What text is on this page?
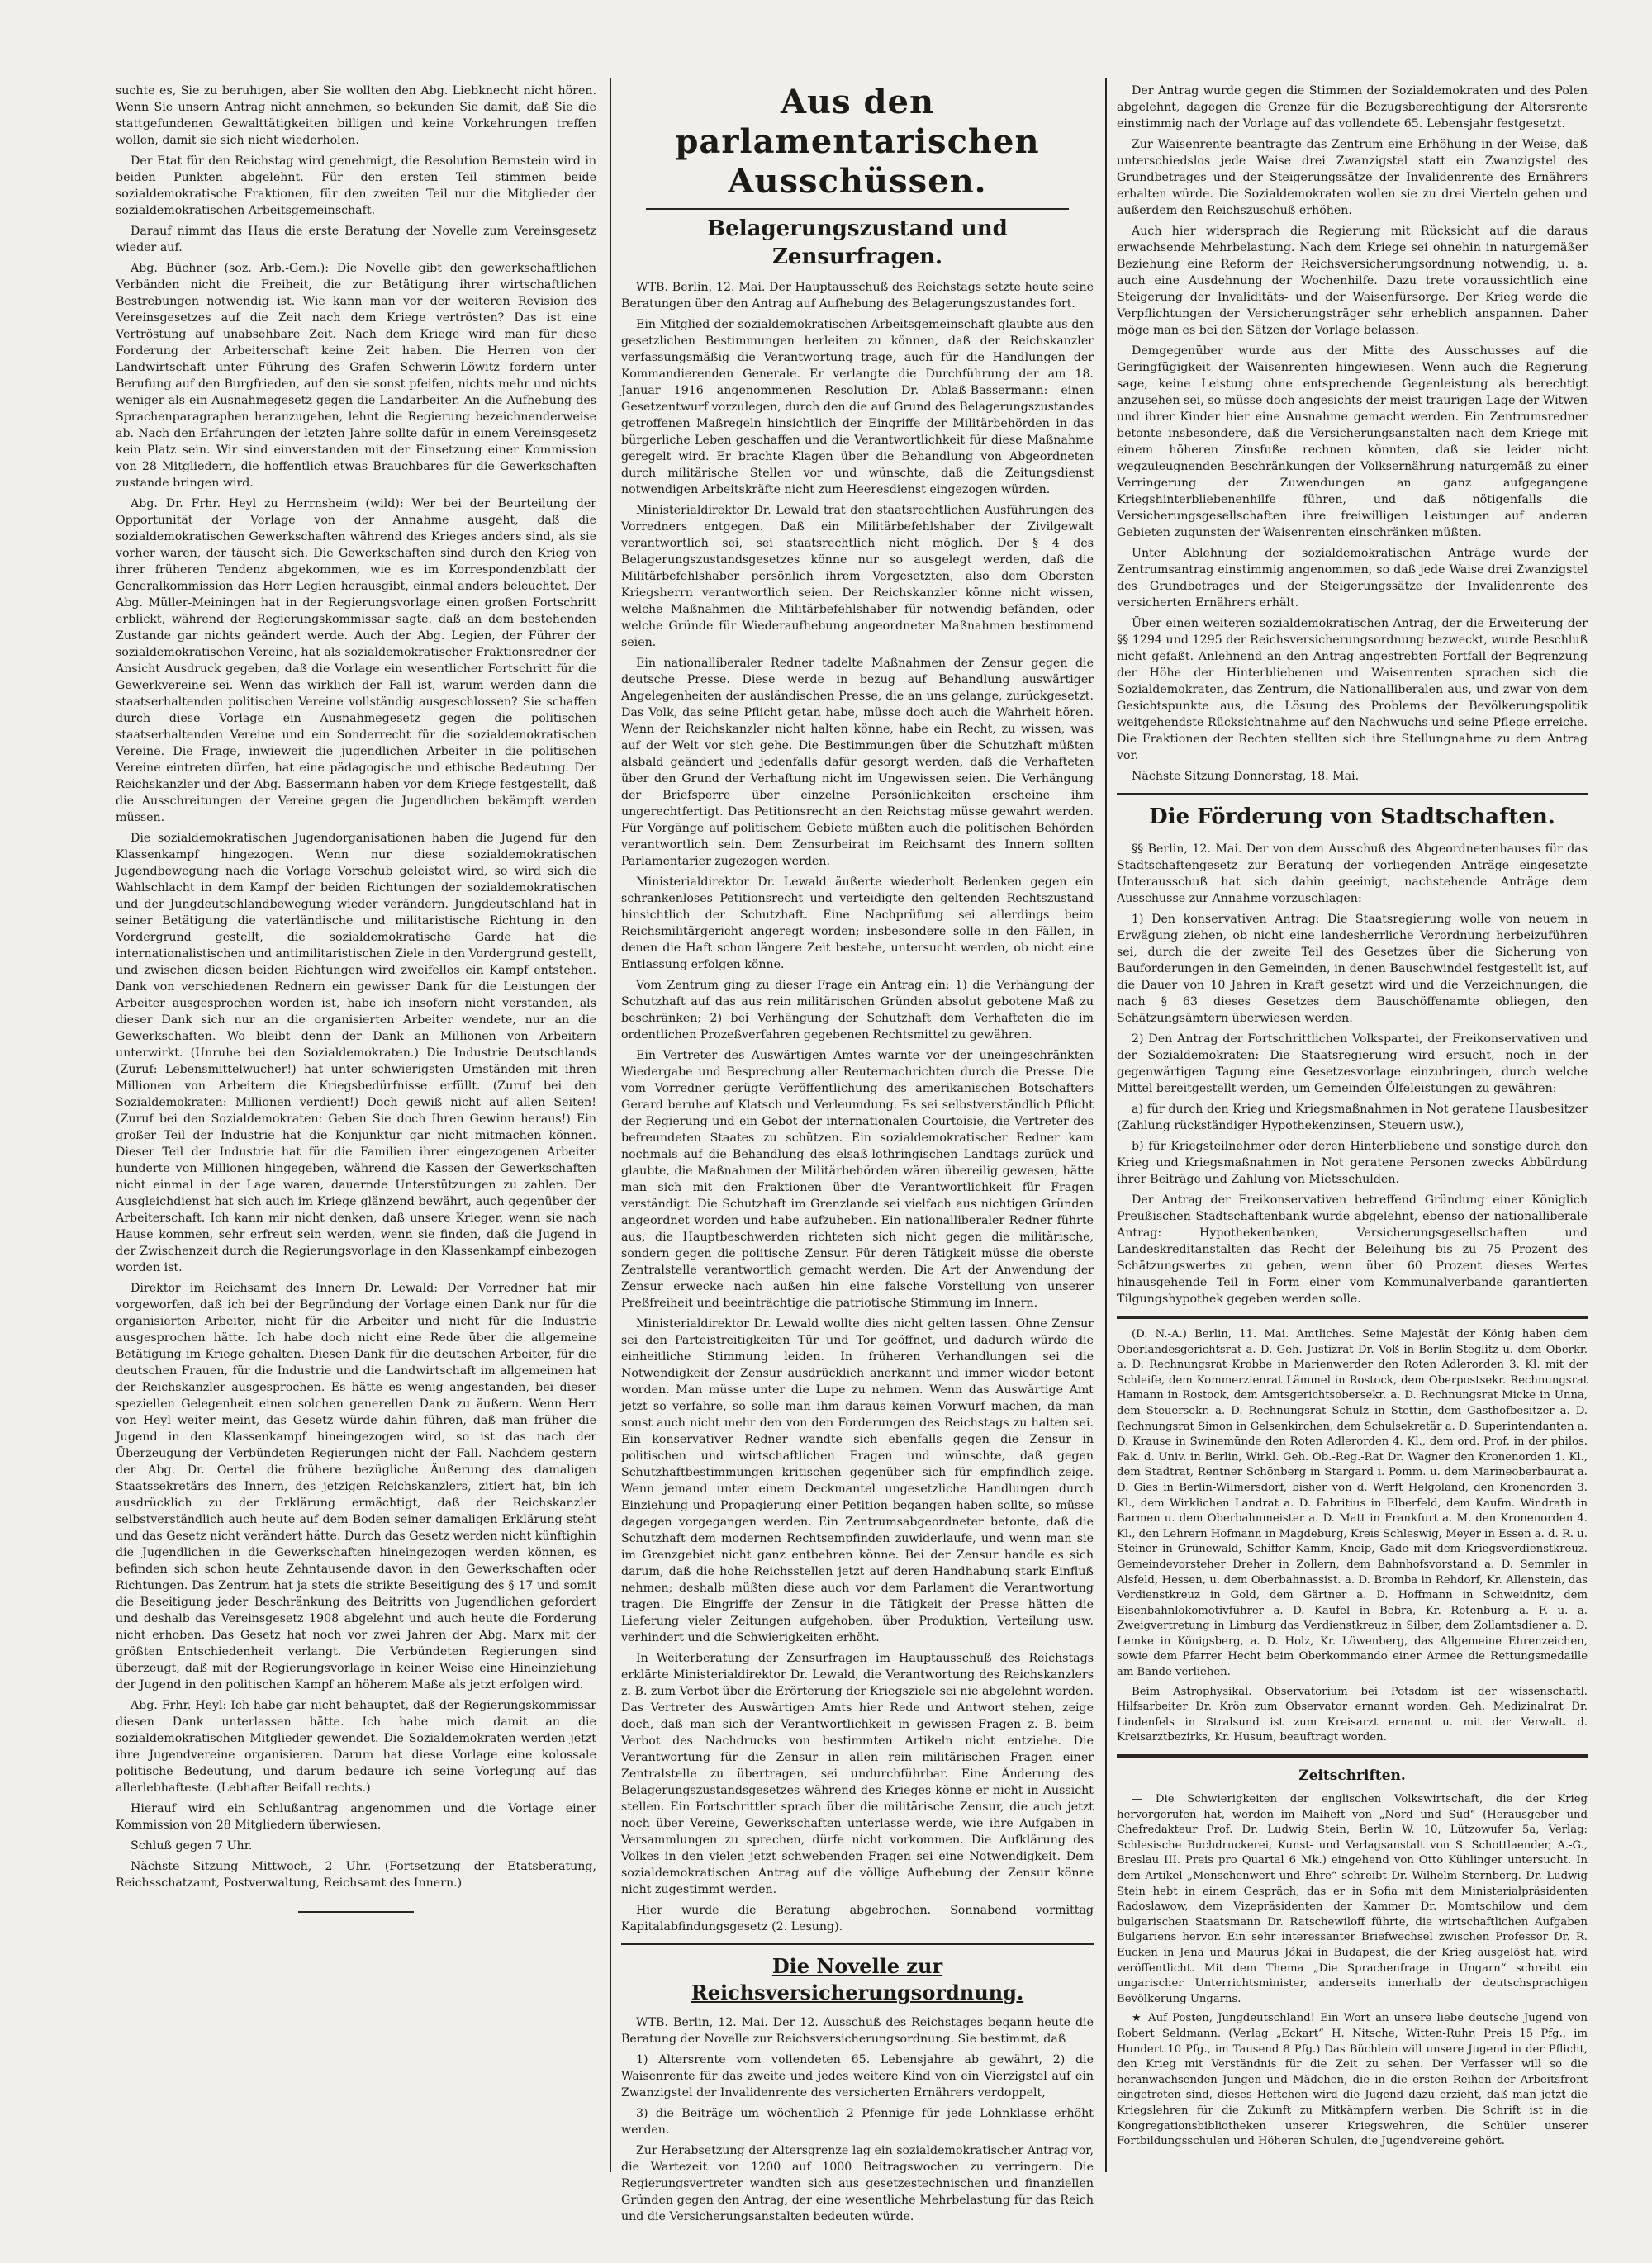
suchte es, Sie zu beruhigen, aber Sie wollten den Abg. Liebknecht nicht hören. Wenn Sie unsern Antrag nicht annehmen, so bekunden Sie damit, daß Sie die stattgefundenen Gewalttätigkeiten billigen und keine Vorkehrungen treffen wollen, damit sie sich nicht wiederholen.

Der Etat für den Reichstag wird genehmigt, die Resolution Bernstein wird in beiden Punkten abgelehnt. Für den ersten Teil stimmen beide sozialdemokratische Fraktionen, für den zweiten Teil nur die Mitglieder der sozialdemokratischen Arbeitsgemeinschaft.

Darauf nimmt das Haus die erste Beratung der Novelle zum Vereinsgesetz wieder auf.

Abg. Büchner (soz. Arb.-Gem.): Die Novelle gibt den gewerkschaftlichen Verbänden nicht die Freiheit, die zur Betätigung ihrer wirtschaftlichen Bestrebungen notwendig ist. Wie kann man vor der weiteren Revision des Vereinsgesetzes auf die Zeit nach dem Kriege vertrösten? Das ist eine Vertröstung auf unabsehbare Zeit. Nach dem Kriege wird man für diese Forderung der Arbeiterschaft keine Zeit haben. Die Herren von der Landwirtschaft unter Führung des Grafen Schwerin-Löwitz fordern unter Berufung auf den Burgfrieden, auf den sie sonst pfeifen, nichts mehr und nichts weniger als ein Ausnahmegesetz gegen die Landarbeiter. An die Aufhebung des Sprachenparagraphen heranzugehen, lehnt die Regierung bezeichnenderweise ab. Nach den Erfahrungen der letzten Jahre sollte dafür in einem Vereinsgesetz kein Platz sein. Wir sind einverstanden mit der Einsetzung einer Kommission von 28 Mitgliedern, die hoffentlich etwas Brauchbares für die Gewerkschaften zustande bringen wird.

Abg. Dr. Frhr. Heyl zu Herrnsheim (wild): Wer bei der Beurteilung der Opportunität der Vorlage von der Annahme ausgeht, daß die sozialdemokratischen Gewerkschaften während des Krieges anders sind, als sie vorher waren, der täuscht sich. Die Gewerkschaften sind durch den Krieg von ihrer früheren Tendenz abgekommen, wie es im Korrespondenzblatt der Generalkommission das Herr Legien herausgibt, einmal anders beleuchtet. Der Abg. Müller-Meiningen hat in der Regierungsvorlage einen großen Fortschritt erblickt, während der Regierungskommissar sagte, daß an dem bestehenden Zustande gar nichts geändert werde. Auch der Abg. Legien, der Führer der sozialdemokratischen Vereine, hat als sozialdemokratischer Fraktionsredner der Ansicht Ausdruck gegeben, daß die Vorlage ein wesentlicher Fortschritt für die Gewerkvereine sei. Wenn das wirklich der Fall ist, warum werden dann die staatserhaltenden politischen Vereine vollständig ausgeschlossen? Sie schaffen durch diese Vorlage ein Ausnahmegesetz gegen die politischen staatserhaltenden Vereine und ein Sonderrecht für die sozialdemokratischen Vereine. Die Frage, inwieweit die jugendlichen Arbeiter in die politischen Vereine eintreten dürfen, hat eine pädagogische und ethische Bedeutung. Der Reichskanzler und der Abg. Bassermann haben vor dem Kriege festgestellt, daß die Ausschreitungen der Vereine gegen die Jugendlichen bekämpft werden müssen.

Die sozialdemokratischen Jugendorganisationen haben die Jugend für den Klassenkampf hingezogen. Wenn nur diese sozialdemokratischen Jugendbewegung nach die Vorlage Vorschub geleistet wird, so wird sich die Wahlschlacht in dem Kampf der beiden Richtungen der sozialdemokratischen und der Jungdeutschlandbewegung wieder verändern. Jungdeutschland hat in seiner Betätigung die vaterländische und militaristische Richtung in den Vordergrund gestellt, die sozialdemokratische Garde hat die internationalistischen und antimilitaristischen Ziele in den Vordergrund gestellt, und zwischen diesen beiden Richtungen wird zweifellos ein Kampf entstehen. Dank von verschiedenen Rednern ein gewisser Dank für die Leistungen der Arbeiter ausgesprochen worden ist, habe ich insofern nicht verstanden, als dieser Dank sich nur an die organisierten Arbeiter wendete, nur an die Gewerkschaften. Wo bleibt denn der Dank an Millionen von Arbeitern unterwirkt. (Unruhe bei den Sozialdemokraten.) Die Industrie Deutschlands (Zuruf: Lebensmittelwucher!) hat unter schwierigsten Umständen mit ihren Millionen von Arbeitern die Kriegsbedürfnisse erfüllt. (Zuruf bei den Sozialdemokraten: Millionen verdient!) Doch gewiß nicht auf allen Seiten! (Zuruf bei den Sozialdemokraten: Geben Sie doch Ihren Gewinn heraus!) Ein großer Teil der Industrie hat die Konjunktur gar nicht mitmachen können. Dieser Teil der Industrie hat für die Familien ihrer eingezogenen Arbeiter hunderte von Millionen hingegeben, während die Kassen der Gewerkschaften nicht einmal in der Lage waren, dauernde Unterstützungen zu zahlen. Der Ausgleichdienst hat sich auch im Kriege glänzend bewährt, auch gegenüber der Arbeiterschaft. Ich kann mir nicht denken, daß unsere Krieger, wenn sie nach Hause kommen, sehr erfreut sein werden, wenn sie finden, daß die Jugend in der Zwischenzeit durch die Regierungsvorlage in den Klassenkampf einbezogen worden ist.

Direktor im Reichsamt des Innern Dr. Lewald: Der Vorredner hat mir vorgeworfen, daß ich bei der Begründung der Vorlage einen Dank nur für die organisierten Arbeiter, nicht für die Arbeiter und nicht für die Industrie ausgesprochen hätte. Ich habe doch nicht eine Rede über die allgemeine Betätigung im Kriege gehalten. Diesen Dank für die deutschen Arbeiter, für die deutschen Frauen, für die Industrie und die Landwirtschaft im allgemeinen hat der Reichskanzler ausgesprochen. Es hätte es wenig angestanden, bei dieser speziellen Gelegenheit einen solchen generellen Dank zu äußern. Wenn Herr von Heyl weiter meint, das Gesetz würde dahin führen, daß man früher die Jugend in den Klassenkampf hineingezogen wird, so ist das nach der Überzeugung der Verbündeten Regierungen nicht der Fall. Nachdem gestern der Abg. Dr. Oertel die frühere bezügliche Äußerung des damaligen Staatssekretärs des Innern, des jetzigen Reichskanzlers, zitiert hat, bin ich ausdrücklich zu der Erklärung ermächtigt, daß der Reichskanzler selbstverständlich auch heute auf dem Boden seiner damaligen Erklärung steht und das Gesetz nicht verändert hätte. Durch das Gesetz werden nicht künftighin die Jugendlichen in die Gewerkschaften hineingezogen werden können, es befinden sich schon heute Zehntausende davon in den Gewerkschaften oder Richtungen. Das Zentrum hat ja stets die strikte Beseitigung des § 17 und somit die Beseitigung jeder Beschränkung des Beitritts von Jugendlichen gefordert und deshalb das Vereinsgesetz 1908 abgelehnt und auch heute die Forderung nicht erhoben. Das Gesetz hat noch vor zwei Jahren der Abg. Marx mit der größten Entschiedenheit verlangt. Die Verbündeten Regierungen sind überzeugt, daß mit der Regierungsvorlage in keiner Weise eine Hineinziehung der Jugend in den politischen Kampf an höherem Maße als jetzt erfolgen wird.

Abg. Frhr. Heyl: Ich habe gar nicht behauptet, daß der Regierungskommissar diesen Dank unterlassen hätte. Ich habe mich damit an die sozialdemokratischen Mitglieder gewendet. Die Sozialdemokraten werden jetzt ihre Jugendvereine organisieren. Darum hat diese Vorlage eine kolossale politische Bedeutung, und darum bedaure ich seine Vorlegung auf das allerlebhafteste. (Lebhafter Beifall rechts.)

Hierauf wird ein Schlußantrag angenommen und die Vorlage einer Kommission von 28 Mitgliedern überwiesen.

Schluß gegen 7 Uhr.

Nächste Sitzung Mittwoch, 2 Uhr. (Fortsetzung der Etatsberatung, Reichsschatzamt, Postverwaltung, Reichsamt des Innern.)

Aus den parlamentarischen Ausschüssen.
Belagerungszustand und Zensurfragen.

WTB. Berlin, 12. Mai. Der Hauptausschuß des Reichstags setzte heute seine Beratungen über den Antrag auf Aufhebung des Belagerungszustandes fort.

Ein Mitglied der sozialdemokratischen Arbeitsgemeinschaft glaubte aus den gesetzlichen Bestimmungen herleiten zu können, daß der Reichskanzler verfassungsmäßig die Verantwortung trage, auch für die Handlungen der Kommandierenden Generale. Er verlangte die Durchführung der am 18. Januar 1916 angenommenen Resolution Dr. Ablaß-Bassermann: einen Gesetzentwurf vorzulegen, durch den die auf Grund des Belagerungszustandes getroffenen Maßregeln hinsichtlich der Eingriffe der Militärbehörden in das bürgerliche Leben geschaffen und die Verantwortlichkeit für diese Maßnahme geregelt wird. Er brachte Klagen über die Behandlung von Abgeordneten durch militärische Stellen vor und wünschte, daß die Zeitungsdienst notwendigen Arbeitskräfte nicht zum Heeresdienst eingezogen würden.

Ministerialdirektor Dr. Lewald trat den staatsrechtlichen Ausführungen des Vorredners entgegen. Daß ein Militärbefehlshaber der Zivilgewalt verantwortlich sei, sei staatsrechtlich nicht möglich. Der § 4 des Belagerungszustandsgesetzes könne nur so ausgelegt werden, daß die Militärbefehlshaber persönlich ihrem Vorgesetzten, also dem Obersten Kriegsherrn verantwortlich seien. Der Reichskanzler könne nicht wissen, welche Maßnahmen die Militärbefehlshaber für notwendig befänden, oder welche Gründe für Wiederaufhebung angeordneter Maßnahmen bestimmend seien.

Ein nationalliberaler Redner tadelte Maßnahmen der Zensur gegen die deutsche Presse. Diese werde in bezug auf Behandlung auswärtiger Angelegenheiten der ausländischen Presse, die an uns gelange, zurückgesetzt. Das Volk, das seine Pflicht getan habe, müsse doch auch die Wahrheit hören. Wenn der Reichskanzler nicht halten könne, habe ein Recht, zu wissen, was auf der Welt vor sich gehe. Die Bestimmungen über die Schutzhaft müßten alsbald geändert und jedenfalls dafür gesorgt werden, daß die Verhafteten über den Grund der Verhaftung nicht im Ungewissen seien. Die Verhängung der Briefsperre über einzelne Persönlichkeiten erscheine ihm ungerechtfertigt. Das Petitionsrecht an den Reichstag müsse gewahrt werden. Für Vorgänge auf politischem Gebiete müßten auch die politischen Behörden verantwortlich sein. Dem Zensurbeirat im Reichsamt des Innern sollten Parlamentarier zugezogen werden.

Ministerialdirektor Dr. Lewald äußerte wiederholt Bedenken gegen ein schrankenloses Petitionsrecht und verteidigte den geltenden Rechtszustand hinsichtlich der Schutzhaft. Eine Nachprüfung sei allerdings beim Reichsmilitärgericht angeregt worden; insbesondere solle in den Fällen, in denen die Haft schon längere Zeit bestehe, untersucht werden, ob nicht eine Entlassung erfolgen könne.

Vom Zentrum ging zu dieser Frage ein Antrag ein: 1) die Verhängung der Schutzhaft auf das aus rein militärischen Gründen absolut gebotene Maß zu beschränken; 2) bei Verhängung der Schutzhaft dem Verhafteten die im ordentlichen Prozeßverfahren gegebenen Rechtsmittel zu gewähren.

Ein Vertreter des Auswärtigen Amtes warnte vor der uneingeschränkten Wiedergabe und Besprechung aller Reuternachrichten durch die Presse. Die vom Vorredner gerügte Veröffentlichung des amerikanischen Botschafters Gerard beruhe auf Klatsch und Verleumdung. Es sei selbstverständlich Pflicht der Regierung und ein Gebot der internationalen Courtoisie, die Vertreter des befreundeten Staates zu schützen. Ein sozialdemokratischer Redner kam nochmals auf die Behandlung des elsaß-lothringischen Landtags zurück und glaubte, die Maßnahmen der Militärbehörden wären übereilig gewesen, hätte man sich mit den Fraktionen über die Verantwortlichkeit für Fragen verständigt. Die Schutzhaft im Grenzlande sei vielfach aus nichtigen Gründen angeordnet worden und habe aufzuheben. Ein nationalliberaler Redner führte aus, die Hauptbeschwerden richteten sich nicht gegen die militärische, sondern gegen die politische Zensur. Für deren Tätigkeit müsse die oberste Zentralstelle verantwortlich gemacht werden. Die Art der Anwendung der Zensur erwecke nach außen hin eine falsche Vorstellung von unserer Preßfreiheit und beeinträchtige die patriotische Stimmung im Innern.

Ministerialdirektor Dr. Lewald wollte dies nicht gelten lassen. Ohne Zensur sei den Parteistreitigkeiten Tür und Tor geöffnet, und dadurch würde die einheitliche Stimmung leiden. In früheren Verhandlungen sei die Notwendigkeit der Zensur ausdrücklich anerkannt und immer wieder betont worden. Man müsse unter die Lupe zu nehmen. Wenn das Auswärtige Amt jetzt so verfahre, so solle man ihm daraus keinen Vorwurf machen, da man sonst auch nicht mehr den von den Forderungen des Reichstags zu halten sei. Ein konservativer Redner wandte sich ebenfalls gegen die Zensur in politischen und wirtschaftlichen Fragen und wünschte, daß gegen Schutzhaftbestimmungen kritischen gegenüber sich für empfindlich zeige. Wenn jemand unter einem Deckmantel ungesetzliche Handlungen durch Einziehung und Propagierung einer Petition begangen haben sollte, so müsse dagegen vorgegangen werden. Ein Zentrumsabgeordneter betonte, daß die Schutzhaft dem modernen Rechtsempfinden zuwiderlaufe, und wenn man sie im Grenzgebiet nicht ganz entbehren könne. Bei der Zensur handle es sich darum, daß die hohe Reichsstellen jetzt auf deren Handhabung stark Einfluß nehmen; deshalb müßten diese auch vor dem Parlament die Verantwortung tragen. Die Eingriffe der Zensur in die Tätigkeit der Presse hätten die Lieferung vieler Zeitungen aufgehoben, über Produktion, Verteilung usw. verhindert und die Schwierigkeiten erhöht.

In Weiterberatung der Zensurfragen im Hauptausschuß des Reichstags erklärte Ministerialdirektor Dr. Lewald, die Verantwortung des Reichskanzlers z. B. zum Verbot über die Erörterung der Kriegsziele sei nie abgelehnt worden. Das Vertreter des Auswärtigen Amts hier Rede und Antwort stehen, zeige doch, daß man sich der Verantwortlichkeit in gewissen Fragen z. B. beim Verbot des Nachdrucks von bestimmten Artikeln nicht entziehe. Die Verantwortung für die Zensur in allen rein militärischen Fragen einer Zentralstelle zu übertragen, sei undurchführbar. Eine Änderung des Belagerungszustandsgesetzes während des Krieges könne er nicht in Aussicht stellen. Ein Fortschrittler sprach über die militärische Zensur, die auch jetzt noch über Vereine, Gewerkschaften unterlasse werde, wie ihre Aufgaben in Versammlungen zu sprechen, dürfe nicht vorkommen. Die Aufklärung des Volkes in den vielen jetzt schwebenden Fragen sei eine Notwendigkeit. Dem sozialdemokratischen Antrag auf die völlige Aufhebung der Zensur könne nicht zugestimmt werden.

Hier wurde die Beratung abgebrochen. Sonnabend vormittag Kapitalabfindungsgesetz (2. Lesung).

Die Novelle zur Reichsversicherungsordnung.

WTB. Berlin, 12. Mai. Der 12. Ausschuß des Reichstages begann heute die Beratung der Novelle zur Reichsversicherungsordnung. Sie bestimmt, daß

1) Altersrente vom vollendeten 65. Lebensjahre ab gewährt, 2) die Waisenrente für das zweite und jedes weitere Kind von ein Vierzigstel auf ein Zwanzigstel der Invalidenrente des versicherten Ernährers verdoppelt,

3) die Beiträge um wöchentlich 2 Pfennige für jede Lohnklasse erhöht werden.

Zur Herabsetzung der Altersgrenze lag ein sozialdemokratischer Antrag vor, die Wartezeit von 1200 auf 1000 Beitragswochen zu verringern. Die Regierungsvertreter wandten sich aus gesetzestechnischen und finanziellen Gründen gegen den Antrag, der eine wesentliche Mehrbelastung für das Reich und die Versicherungsanstalten bedeuten würde.

Der Antrag wurde gegen die Stimmen der Sozialdemokraten und des Polen abgelehnt, dagegen die Grenze für die Bezugsberechtigung der Altersrente einstimmig nach der Vorlage auf das vollendete 65. Lebensjahr festgesetzt.

Zur Waisenrente beantragte das Zentrum eine Erhöhung in der Weise, daß unterschiedslos jede Waise drei Zwanzigstel statt ein Zwanzigstel des Grundbetrages und der Steigerungssätze der Invalidenrente des Ernährers erhalten würde. Die Sozialdemokraten wollen sie zu drei Vierteln gehen und außerdem den Reichszuschuß erhöhen.

Auch hier widersprach die Regierung mit Rücksicht auf die daraus erwachsende Mehrbelastung. Nach dem Kriege sei ohnehin in naturgemäßer Beziehung eine Reform der Reichsversicherungsordnung notwendig, u. a. auch eine Ausdehnung der Wochenhilfe. Dazu trete voraussichtlich eine Steigerung der Invaliditäts- und der Waisenfürsorge. Der Krieg werde die Verpflichtungen der Versicherungsträger sehr erheblich anspannen. Daher möge man es bei den Sätzen der Vorlage belassen.

Demgegenüber wurde aus der Mitte des Ausschusses auf die Geringfügigkeit der Waisenrenten hingewiesen. Wenn auch die Regierung sage, keine Leistung ohne entsprechende Gegenleistung als berechtigt anzusehen sei, so müsse doch angesichts der meist traurigen Lage der Witwen und ihrer Kinder hier eine Ausnahme gemacht werden. Ein Zentrumsredner betonte insbesondere, daß die Versicherungsanstalten nach dem Kriege mit einem höheren Zinsfuße rechnen könnten, daß sie leider nicht wegzuleugnenden Beschränkungen der Volksernährung naturgemäß zu einer Verringerung der Zuwendungen an ganz aufgegangene Kriegshinterbliebenenhilfe führen, und daß nötigenfalls die Versicherungsgesellschaften ihre freiwilligen Leistungen auf anderen Gebieten zugunsten der Waisenrenten einschränken müßten.

Unter Ablehnung der sozialdemokratischen Anträge wurde der Zentrumsantrag einstimmig angenommen, so daß jede Waise drei Zwanzigstel des Grundbetrages und der Steigerungssätze der Invalidenrente des versicherten Ernährers erhält.

Über einen weiteren sozialdemokratischen Antrag, der die Erweiterung der §§ 1294 und 1295 der Reichsversicherungsordnung bezweckt, wurde Beschluß nicht gefaßt. Anlehnend an den Antrag angestrebten Fortfall der Begrenzung der Höhe der Hinterbliebenen und Waisenrenten sprachen sich die Sozialdemokraten, das Zentrum, die Nationalliberalen aus, und zwar von dem Gesichtspunkte aus, die Lösung des Problems der Bevölkerungspolitik weitgehendste Rücksichtnahme auf den Nachwuchs und seine Pflege erreiche. Die Fraktionen der Rechten stellten sich ihre Stellungnahme zu dem Antrag vor.

Nächste Sitzung Donnerstag, 18. Mai.

Die Förderung von Stadtschaften.

§§ Berlin, 12. Mai. Der von dem Ausschuß des Abgeordnetenhauses für das Stadtschaftengesetz zur Beratung der vorliegenden Anträge eingesetzte Unterausschuß hat sich dahin geeinigt, nachstehende Anträge dem Ausschusse zur Annahme vorzuschlagen:

1) Den konservativen Antrag: Die Staatsregierung wolle von neuem in Erwägung ziehen, ob nicht eine landesherrliche Verordnung herbeizuführen sei, durch die der zweite Teil des Gesetzes über die Sicherung von Bauforderungen in den Gemeinden, in denen Bauschwindel festgestellt ist, auf die Dauer von 10 Jahren in Kraft gesetzt wird und die Verzeichnungen, die nach § 63 dieses Gesetzes dem Bauschöffenamte obliegen, den Schätzungsämtern überwiesen werden.

2) Den Antrag der Fortschrittlichen Volkspartei, der Freikonservativen und der Sozialdemokraten: Die Staatsregierung wird ersucht, noch in der gegenwärtigen Tagung eine Gesetzesvorlage einzubringen, durch welche Mittel bereitgestellt werden, um Gemeinden Ölfeleistungen zu gewähren:

a) für durch den Krieg und Kriegsmaßnahmen in Not geratene Hausbesitzer (Zahlung rückständiger Hypothekenzinsen, Steuern usw.),

b) für Kriegsteilnehmer oder deren Hinterbliebene und sonstige durch den Krieg und Kriegsmaßnahmen in Not geratene Personen zwecks Abbürdung ihrer Beiträge und Zahlung von Mietsschulden.

Der Antrag der Freikonservativen betreffend Gründung einer Königlich Preußischen Stadtschaftenbank wurde abgelehnt, ebenso der nationalliberale Antrag: Hypothekenbanken, Versicherungsgesellschaften und Landeskreditanstalten das Recht der Beleihung bis zu 75 Prozent des Schätzungswertes zu geben, wenn über 60 Prozent dieses Wertes hinausgehende Teil in Form einer vom Kommunalverbande garantierten Tilgungshypothek gegeben werden solle.

(D. N.-A.) Berlin, 11. Mai. Amtliches. Seine Majestät der König haben dem Oberlandesgerichtsrat a. D. Geh. Justizrat Dr. Voß in Berlin-Steglitz u. dem Oberkr. a. D. Rechnungsrat Krobbe in Marienwerder den Roten Adlerorden 3. Kl. mit der Schleife, dem Kommerzienrat Lämmel in Rostock, dem Oberpostsekr. Rechnungsrat Hamann in Rostock, dem Amtsgerichtsobersekr. a. D. Rechnungsrat Micke in Unna, dem Steuersekr. a. D. Rechnungsrat Schulz in Stettin, dem Gasthofbesitzer a. D. Rechnungsrat Simon in Gelsenkirchen, dem Schulsekretär a. D. Superintendanten a. D. Krause in Swinemünde den Roten Adlerorden 4. Kl., dem ord. Prof. in der philos. Fak. d. Univ. in Berlin, Wirkl. Geh. Ob.-Reg.-Rat Dr. Wagner den Kronenorden 1. Kl., dem Stadtrat, Rentner Schönberg in Stargard i. Pomm. u. dem Marineoberbaurat a. D. Gies in Berlin-Wilmersdorf, bisher von d. Werft Helgoland, den Kronenorden 3. Kl., dem Wirklichen Landrat a. D. Fabritius in Elberfeld, dem Kaufm. Windrath in Barmen u. dem Oberbahnmeister a. D. Matt in Frankfurt a. M. den Kronenorden 4. Kl., den Lehrern Hofmann in Magdeburg, Kreis Schleswig, Meyer in Essen a. d. R. u. Steiner in Grünewald, Schiffer Kamm, Kneip, Gade mit dem Kriegsverdienstkreuz. Gemeindevorsteher Dreher in Zollern, dem Bahnhofsvorstand a. D. Semmler in Alsfeld, Hessen, u. dem Oberbahnassist. a. D. Bromba in Rehdorf, Kr. Allenstein, das Verdienstkreuz in Gold, dem Gärtner a. D. Hoffmann in Schweidnitz, dem Eisenbahnlokomotivführer a. D. Kaufel in Bebra, Kr. Rotenburg a. F. u. a. Zweigvertretung in Limburg das Verdienstkreuz in Silber, dem Zollamtsdiener a. D. Lemke in Königsberg, a. D. Holz, Kr. Löwenberg, das Allgemeine Ehrenzeichen, sowie dem Pfarrer Hecht beim Oberkommando einer Armee die Rettungsmedaille am Bande verliehen.

Beim Astrophysikal. Observatorium bei Potsdam ist der wissenschaftl. Hilfsarbeiter Dr. Krön zum Observator ernannt worden. Geh. Medizinalrat Dr. Lindenfels in Stralsund ist zum Kreisarzt ernannt u. mit der Verwalt. d. Kreisarztbezirks, Kr. Husum, beauftragt worden.

Zeitschriften.

— Die Schwierigkeiten der englischen Volkswirtschaft, die der Krieg hervorgerufen hat, werden im Maiheft von „Nord und Süd“ (Herausgeber und Chefredakteur Prof. Dr. Ludwig Stein, Berlin W. 10, Lützowufer 5a, Verlag: Schlesische Buchdruckerei, Kunst- und Verlagsanstalt von S. Schottlaender, A.-G., Breslau III. Preis pro Quartal 6 Mk.) eingehend von Otto Kühlinger untersucht. In dem Artikel „Menschenwert und Ehre“ schreibt Dr. Wilhelm Sternberg. Dr. Ludwig Stein hebt in einem Gespräch, das er in Sofia mit dem Ministerialpräsidenten Radoslawow, dem Vizepräsidenten der Kammer Dr. Momtschilow und dem bulgarischen Staatsmann Dr. Ratschewiloff führte, die wirtschaftlichen Aufgaben Bulgariens hervor. Ein sehr interessanter Briefwechsel zwischen Professor Dr. R. Eucken in Jena und Maurus Jókai in Budapest, die der Krieg ausgelöst hat, wird veröffentlicht. Mit dem Thema „Die Sprachenfrage in Ungarn“ schreibt ein ungarischer Unterrichtsminister, anderseits innerhalb der deutschsprachigen Bevölkerung Ungarns.

★ Auf Posten, Jungdeutschland! Ein Wort an unsere liebe deutsche Jugend von Robert Seldmann. (Verlag „Eckart“ H. Nitsche, Witten-Ruhr. Preis 15 Pfg., im Hundert 10 Pfg., im Tausend 8 Pfg.) Das Büchlein will unsere Jugend in der Pflicht, den Krieg mit Verständnis für die Zeit zu sehen. Der Verfasser will so die heranwachsenden Jungen und Mädchen, die in die ersten Reihen der Arbeitsfront eingetreten sind, dieses Heftchen wird die Jugend dazu erzieht, daß man jetzt die Kriegslehren für die Zukunft zu Mitkämpfern werben. Die Schrift ist in die Kongregationsbibliotheken unserer Kriegswehren, die Schüler unserer Fortbildungsschulen und Höheren Schulen, die Jugendvereine gehört.
